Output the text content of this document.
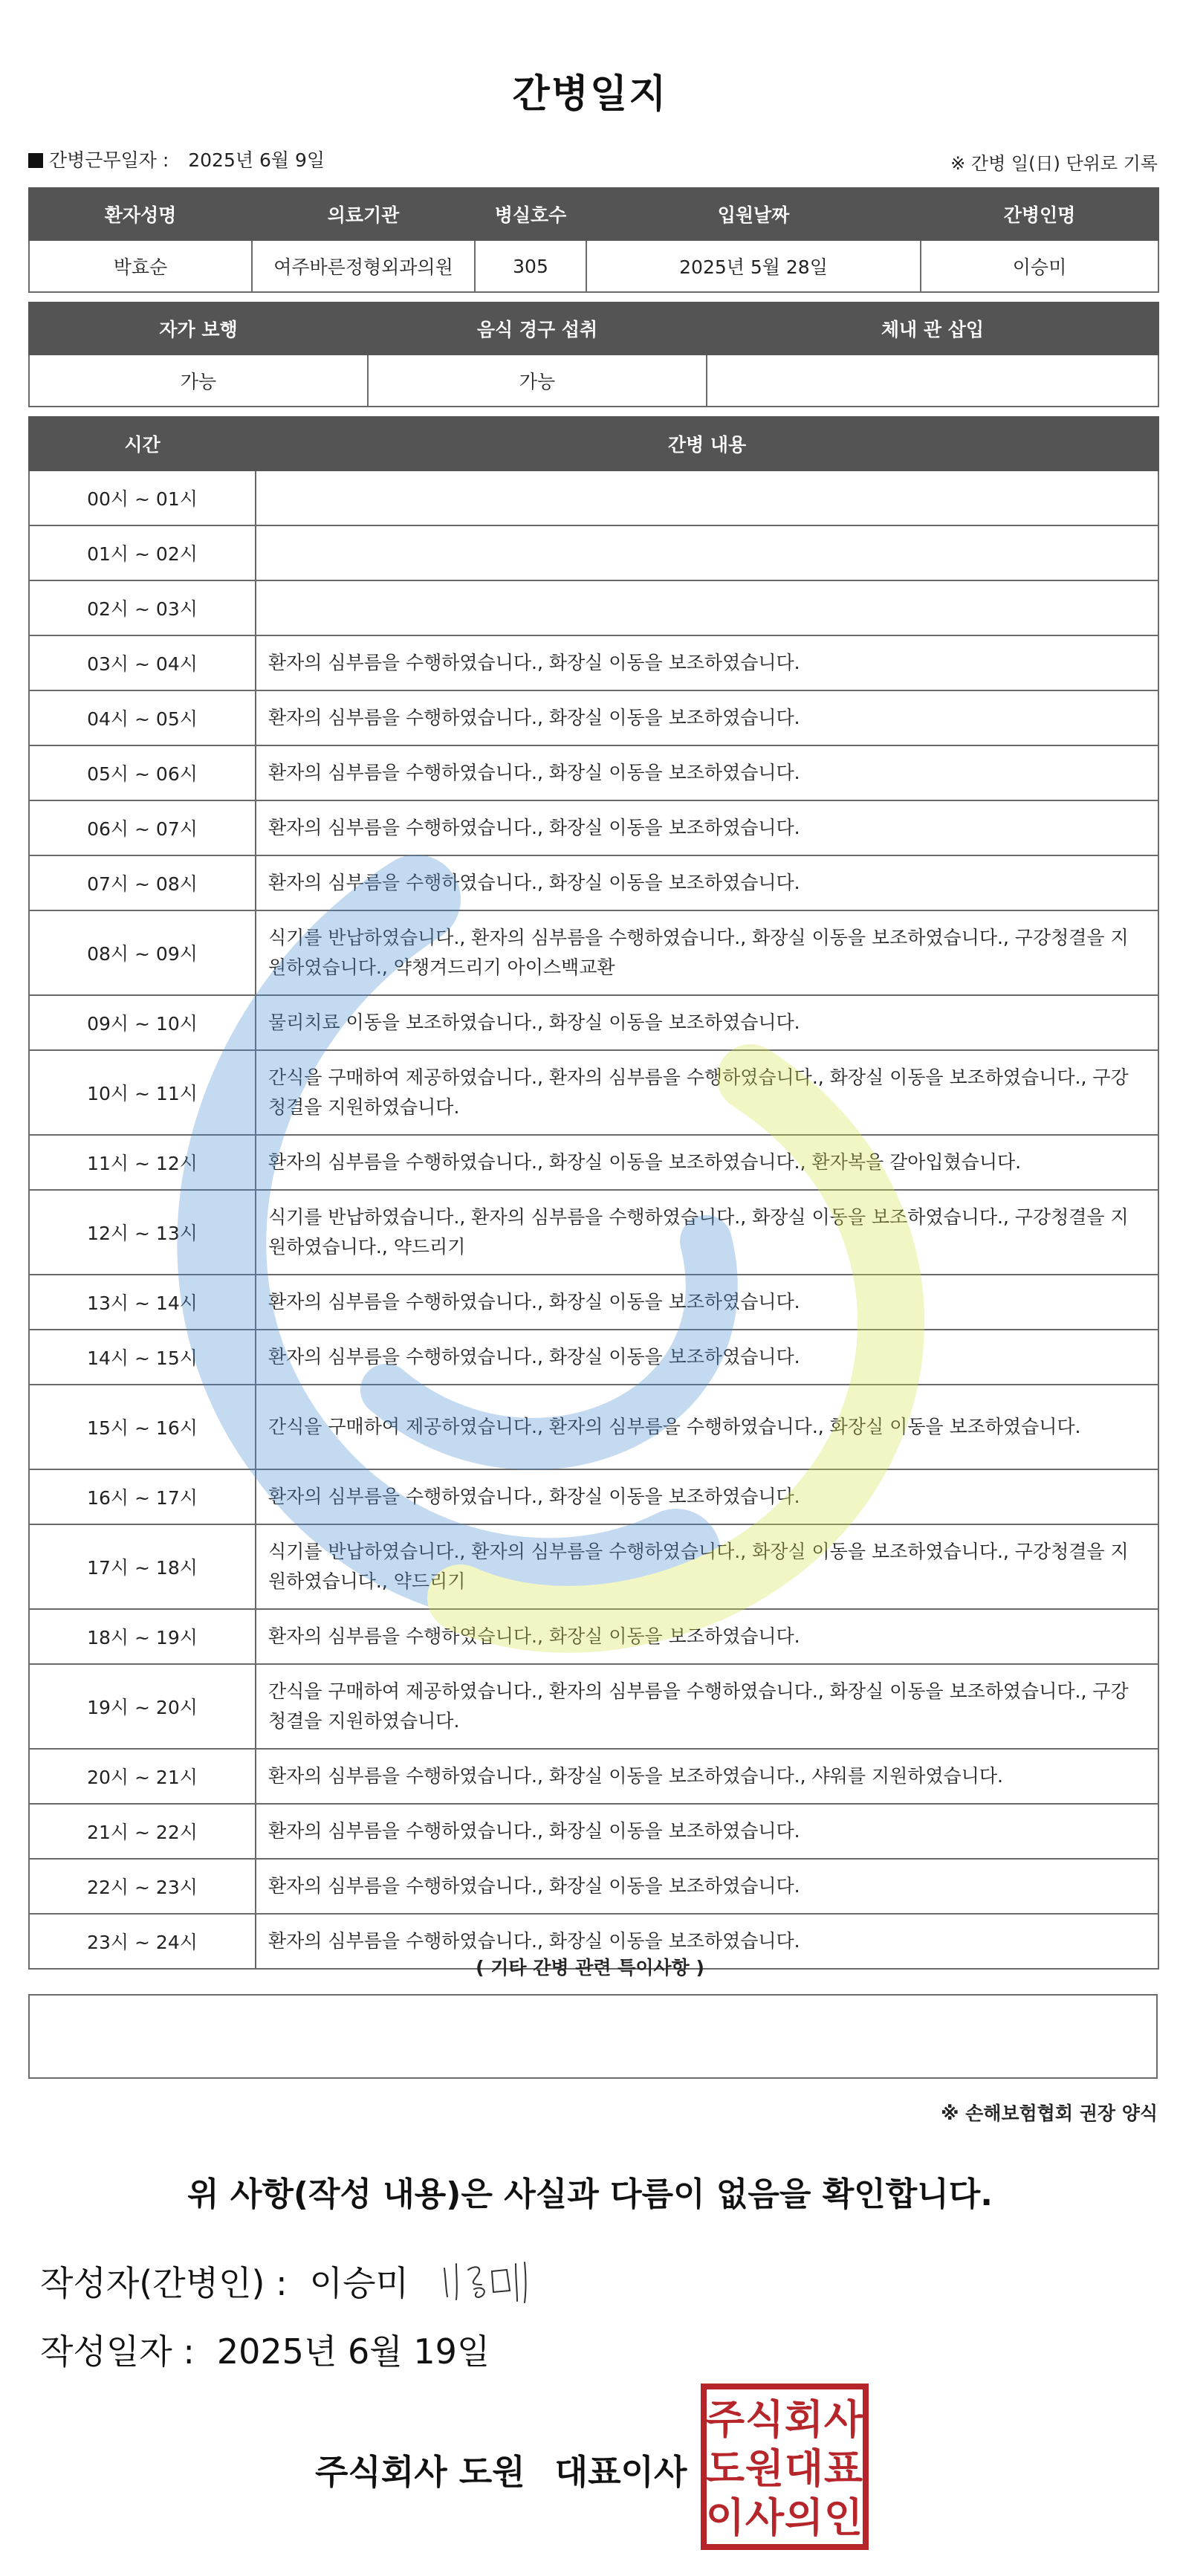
간병일지
간병근무일자 : 2025년 6월 9일	※ 간병 일(日) 단위로 기록
환자성명	의료기관	병실호수	입원날짜	간병인명
박효순	여주바른정형외과의원	305	2025년 5월 28일	이승미
자가 보행	음식 경구 섭취	체내 관 삽입
가능	가능	
시간	간병 내용
00시 ~ 01시	
01시 ~ 02시	
02시 ~ 03시	
03시 ~ 04시	환자의 심부름을 수행하였습니다., 화장실 이동을 보조하였습니다.
04시 ~ 05시	환자의 심부름을 수행하였습니다., 화장실 이동을 보조하였습니다.
05시 ~ 06시	환자의 심부름을 수행하였습니다., 화장실 이동을 보조하였습니다.
06시 ~ 07시	환자의 심부름을 수행하였습니다., 화장실 이동을 보조하였습니다.
07시 ~ 08시	환자의 심부름을 수행하였습니다., 화장실 이동을 보조하였습니다.
08시 ~ 09시	식기를 반납하였습니다., 환자의 심부름을 수행하였습니다., 화장실 이동을 보조하였습니다., 구강청결을 지원하였습니다., 약챙겨드리기 아이스백교환
09시 ~ 10시	물리치료 이동을 보조하였습니다., 화장실 이동을 보조하였습니다.
10시 ~ 11시	간식을 구매하여 제공하였습니다., 환자의 심부름을 수행하였습니다., 화장실 이동을 보조하였습니다., 구강청결을 지원하였습니다.
11시 ~ 12시	환자의 심부름을 수행하였습니다., 화장실 이동을 보조하였습니다., 환자복을 갈아입혔습니다.
12시 ~ 13시	식기를 반납하였습니다., 환자의 심부름을 수행하였습니다., 화장실 이동을 보조하였습니다., 구강청결을 지원하였습니다., 약드리기
13시 ~ 14시	환자의 심부름을 수행하였습니다., 화장실 이동을 보조하였습니다.
14시 ~ 15시	환자의 심부름을 수행하였습니다., 화장실 이동을 보조하였습니다.
15시 ~ 16시	간식을 구매하여 제공하였습니다., 환자의 심부름을 수행하였습니다., 화장실 이동을 보조하였습니다.
16시 ~ 17시	환자의 심부름을 수행하였습니다., 화장실 이동을 보조하였습니다.
17시 ~ 18시	식기를 반납하였습니다., 환자의 심부름을 수행하였습니다., 화장실 이동을 보조하였습니다., 구강청결을 지원하였습니다., 약드리기
18시 ~ 19시	환자의 심부름을 수행하였습니다., 화장실 이동을 보조하였습니다.
19시 ~ 20시	간식을 구매하여 제공하였습니다., 환자의 심부름을 수행하였습니다., 화장실 이동을 보조하였습니다., 구강청결을 지원하였습니다.
20시 ~ 21시	환자의 심부름을 수행하였습니다., 화장실 이동을 보조하였습니다., 샤워를 지원하였습니다.
21시 ~ 22시	환자의 심부름을 수행하였습니다., 화장실 이동을 보조하였습니다.
22시 ~ 23시	환자의 심부름을 수행하였습니다., 화장실 이동을 보조하였습니다.
23시 ~ 24시	환자의 심부름을 수행하였습니다., 화장실 이동을 보조하였습니다.
( 기타 간병 관련 특이사항 )
※ 손해보험협회 권장 양식
위 사항(작성 내용)은 사실과 다름이 없음을 확인합니다.
작성자(간병인) : 이승미
작성일자 : 2025년 6월 19일
주식회사 도원 대표이사
주 식 회 사
도 원 대 표
이 사 의 인
